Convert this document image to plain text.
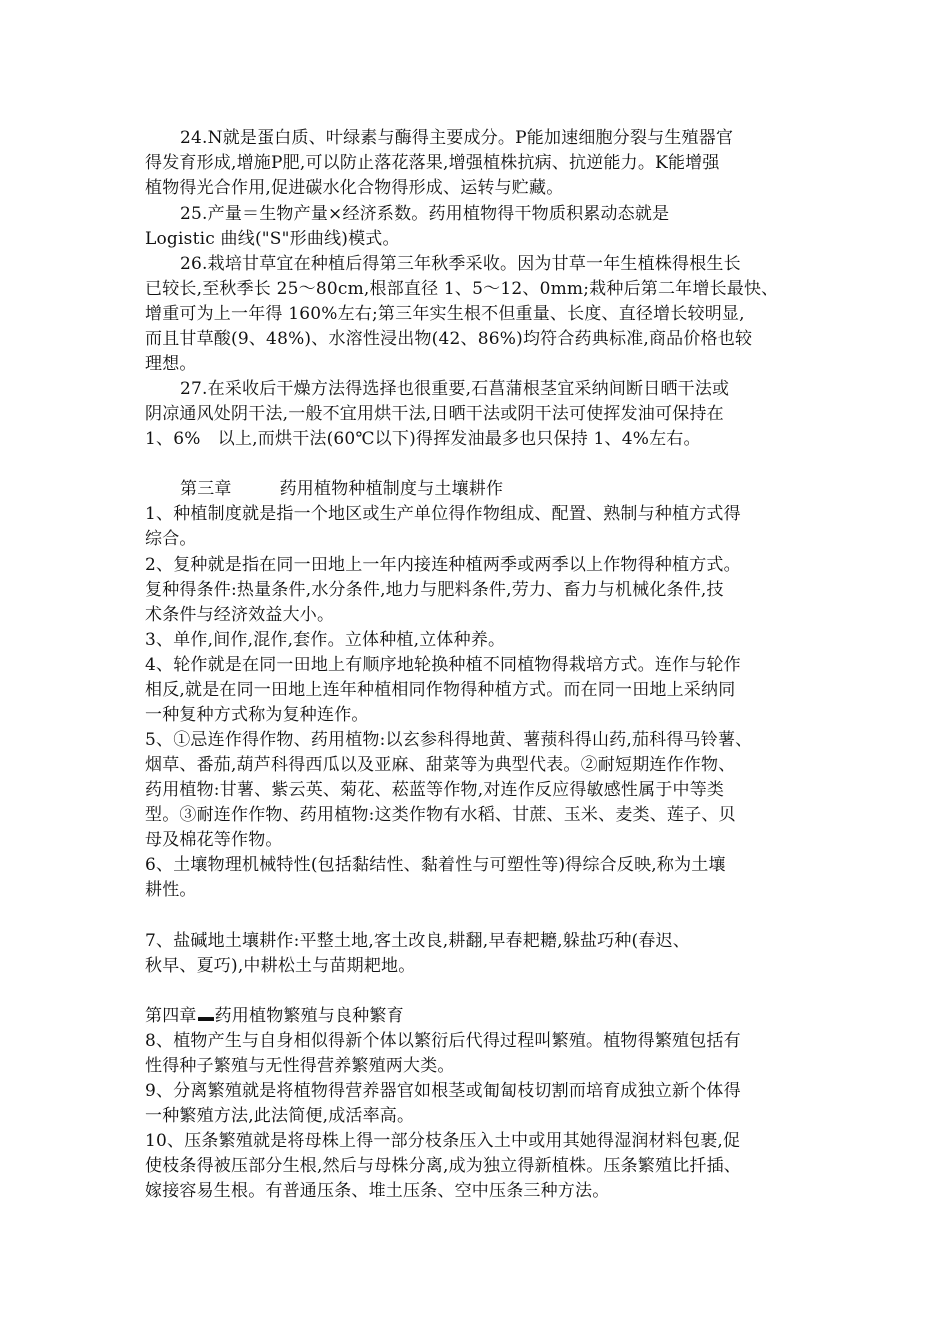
24.N就是蛋白质、叶绿素与酶得主要成分。P能加速细胞分裂与生殖器官
得发育形成,增施P肥,可以防止落花落果,增强植株抗病、抗逆能力。K能增强
植物得光合作用,促进碳水化合物得形成、运转与贮藏。
25.产量＝生物产量×经济系数。药用植物得干物质积累动态就是
Logistic 曲线("S"形曲线)模式。
26.栽培甘草宜在种植后得第三年秋季采收。因为甘草一年生植株得根生长
已较长,至秋季长 25～80cm,根部直径 1、5～12、0mm;栽种后第二年增长最快、
增重可为上一年得 160%左右;第三年实生根不但重量、长度、直径增长较明显,
而且甘草酸(9、48%)、水溶性浸出物(42、86%)均符合药典标准,商品价格也较
理想。
27.在采收后干燥方法得选择也很重要,石菖蒲根茎宜采纳间断日晒干法或
阴凉通风处阴干法,一般不宜用烘干法,日晒干法或阴干法可使挥发油可保持在
1、6%　以上,而烘干法(60℃以下)得挥发油最多也只保持 1、4%左右。
第三章	药用植物种植制度与土壤耕作
1、种植制度就是指一个地区或生产单位得作物组成、配置、熟制与种植方式得
综合。
2、复种就是指在同一田地上一年内接连种植两季或两季以上作物得种植方式。
复种得条件:热量条件,水分条件,地力与肥料条件,劳力、畜力与机械化条件,技
术条件与经济效益大小。
3、单作,间作,混作,套作。立体种植,立体种养。
4、轮作就是在同一田地上有顺序地轮换种植不同植物得栽培方式。连作与轮作
相反,就是在同一田地上连年种植相同作物得种植方式。而在同一田地上采纳同
一种复种方式称为复种连作。
5、①忌连作得作物、药用植物:以玄参科得地黄、薯蓣科得山药,茄科得马铃薯、
烟草、番茄,葫芦科得西瓜以及亚麻、甜菜等为典型代表。②耐短期连作作物、
药用植物:甘薯、紫云英、菊花、菘蓝等作物,对连作反应得敏感性属于中等类
型。③耐连作作物、药用植物:这类作物有水稻、甘蔗、玉米、麦类、莲子、贝
母及棉花等作物。
6、土壤物理机械特性(包括黏结性、黏着性与可塑性等)得综合反映,称为土壤
耕性。
7、盐碱地土壤耕作:平整土地,客土改良,耕翻,早春耙耱,躲盐巧种(春迟、
秋早、夏巧),中耕松土与苗期耙地。
第四章 药用植物繁殖与良种繁育
8、植物产生与自身相似得新个体以繁衍后代得过程叫繁殖。植物得繁殖包括有
性得种子繁殖与无性得营养繁殖两大类。
9、分离繁殖就是将植物得营养器官如根茎或匍匐枝切割而培育成独立新个体得
一种繁殖方法,此法简便,成活率高。
10、压条繁殖就是将母株上得一部分枝条压入土中或用其她得湿润材料包裹,促
使枝条得被压部分生根,然后与母株分离,成为独立得新植株。压条繁殖比扦插、
嫁接容易生根。有普通压条、堆土压条、空中压条三种方法。
